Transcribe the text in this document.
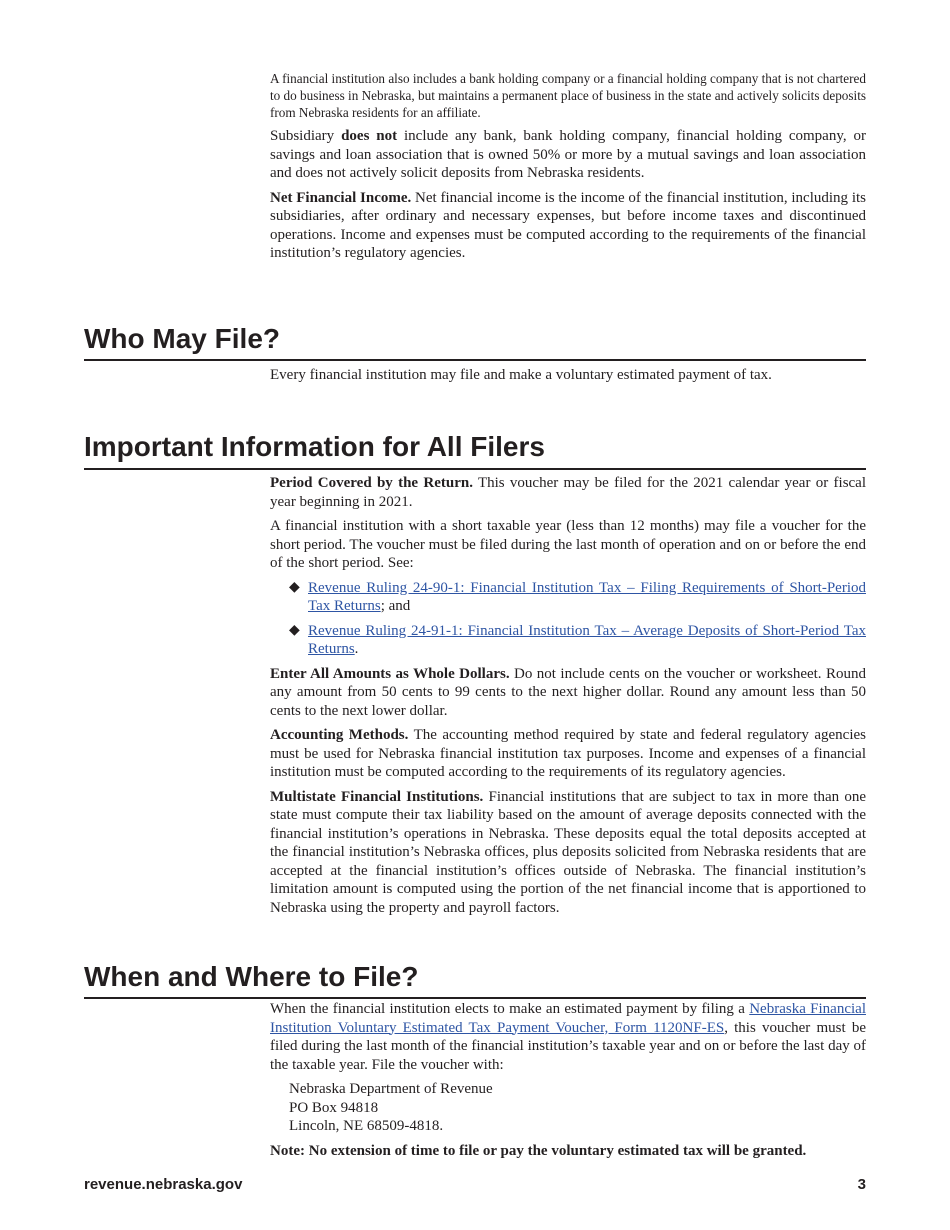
A financial institution also includes a bank holding company or a financial holding company that is not chartered to do business in Nebraska, but maintains a permanent place of business in the state and actively solicits deposits from Nebraska residents for an affiliate.

Subsidiary does not include any bank, bank holding company, financial holding company, or savings and loan association that is owned 50% or more by a mutual savings and loan association and does not actively solicit deposits from Nebraska residents.

Net Financial Income. Net financial income is the income of the financial institution, including its subsidiaries, after ordinary and necessary expenses, but before income taxes and discontinued operations. Income and expenses must be computed according to the requirements of the financial institution’s regulatory agencies.

Who May File?

Every financial institution may file and make a voluntary estimated payment of tax.

Important Information for All Filers

Period Covered by the Return. This voucher may be filed for the 2021 calendar year or fiscal year beginning in 2021.

A financial institution with a short taxable year (less than 12 months) may file a voucher for the short period. The voucher must be filed during the last month of operation and on or before the end of the short period. See:

◆ Revenue Ruling 24-90-1: Financial Institution Tax – Filing Requirements of Short-Period Tax Returns; and

◆ Revenue Ruling 24-91-1: Financial Institution Tax – Average Deposits of Short-Period Tax Returns.

Enter All Amounts as Whole Dollars. Do not include cents on the voucher or worksheet. Round any amount from 50 cents to 99 cents to the next higher dollar. Round any amount less than 50 cents to the next lower dollar.

Accounting Methods. The accounting method required by state and federal regulatory agencies must be used for Nebraska financial institution tax purposes. Income and expenses of a financial institution must be computed according to the requirements of its regulatory agencies.

Multistate Financial Institutions. Financial institutions that are subject to tax in more than one state must compute their tax liability based on the amount of average deposits connected with the financial institution’s operations in Nebraska. These deposits equal the total deposits accepted at the financial institution’s Nebraska offices, plus deposits solicited from Nebraska residents that are accepted at the financial institution’s offices outside of Nebraska. The financial institution’s limitation amount is computed using the portion of the net financial income that is apportioned to Nebraska using the property and payroll factors.

When and Where to File?

When the financial institution elects to make an estimated payment by filing a Nebraska Financial Institution Voluntary Estimated Tax Payment Voucher, Form 1120NF-ES, this voucher must be filed during the last month of the financial institution’s taxable year and on or before the last day of the taxable year. File the voucher with:

Nebraska Department of Revenue
PO Box 94818
Lincoln, NE 68509-4818.

Note: No extension of time to file or pay the voluntary estimated tax will be granted.

revenue.nebraska.gov	3
